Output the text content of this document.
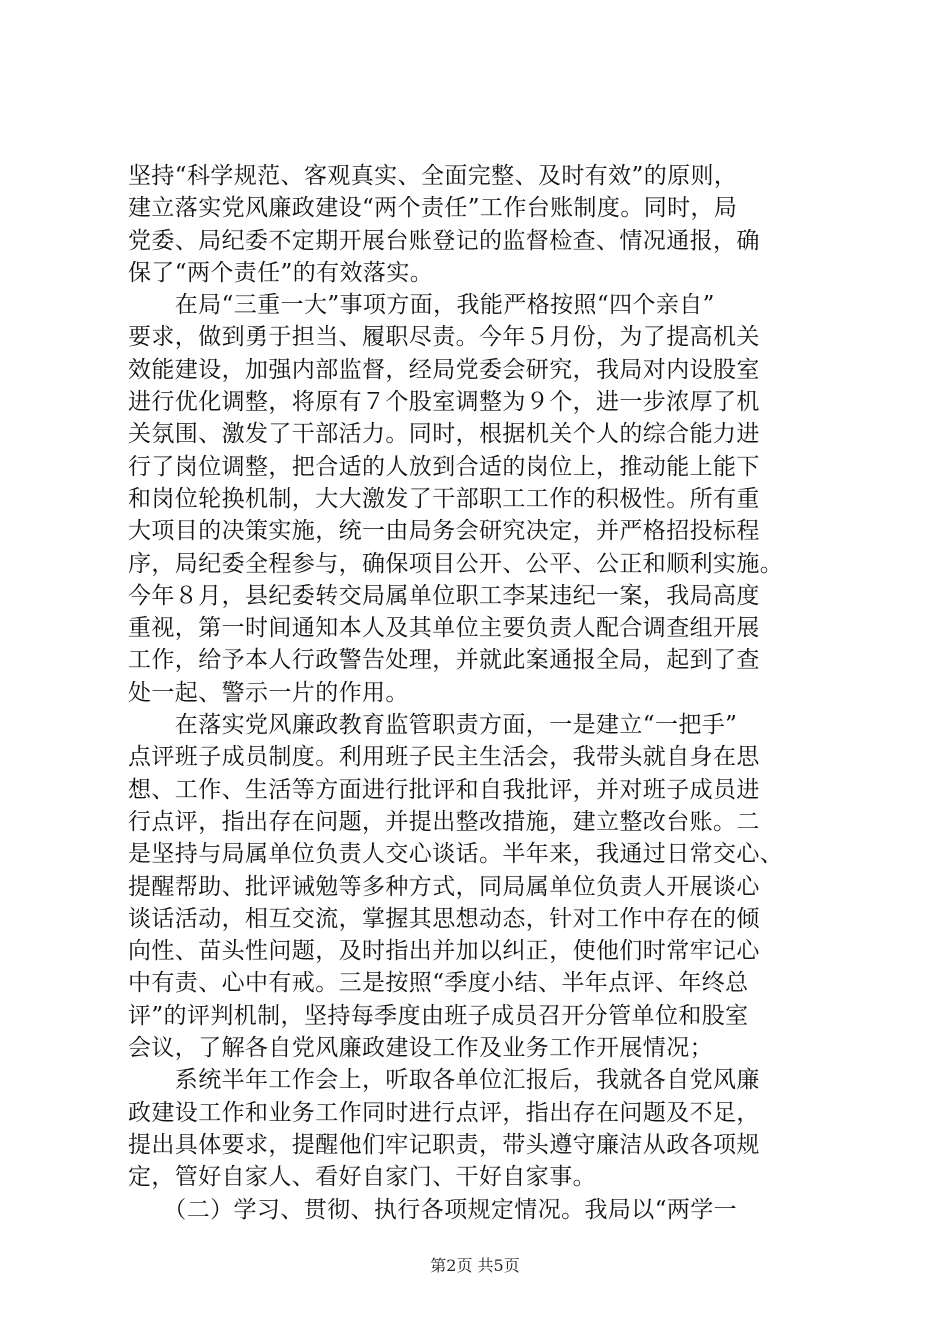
坚持“科学规范、客观真实、全面完整、及时有效”的原则，
建立落实党风廉政建设“两个责任”工作台账制度。同时，局
党委、局纪委不定期开展台账登记的监督检查、情况通报，确
保了“两个责任”的有效落实。
　　在局“三重一大”事项方面，我能严格按照“四个亲自”
要求，做到勇于担当、履职尽责。今年５月份，为了提高机关
效能建设，加强内部监督，经局党委会研究，我局对内设股室
进行优化调整，将原有７个股室调整为９个，进一步浓厚了机
关氛围、激发了干部活力。同时，根据机关个人的综合能力进
行了岗位调整，把合适的人放到合适的岗位上，推动能上能下
和岗位轮换机制，大大激发了干部职工工作的积极性。所有重
大项目的决策实施，统一由局务会研究决定，并严格招投标程
序，局纪委全程参与，确保项目公开、公平、公正和顺利实施。
今年８月，县纪委转交局属单位职工李某违纪一案，我局高度
重视，第一时间通知本人及其单位主要负责人配合调查组开展
工作，给予本人行政警告处理，并就此案通报全局，起到了查
处一起、警示一片的作用。
　　在落实党风廉政教育监管职责方面，一是建立“一把手”
点评班子成员制度。利用班子民主生活会，我带头就自身在思
想、工作、生活等方面进行批评和自我批评，并对班子成员进
行点评，指出存在问题，并提出整改措施，建立整改台账。二
是坚持与局属单位负责人交心谈话。半年来，我通过日常交心、
提醒帮助、批评诫勉等多种方式，同局属单位负责人开展谈心
谈话活动，相互交流，掌握其思想动态，针对工作中存在的倾
向性、苗头性问题，及时指出并加以纠正，使他们时常牢记心
中有责、心中有戒。三是按照“季度小结、半年点评、年终总
评”的评判机制，坚持每季度由班子成员召开分管单位和股室
会议，了解各自党风廉政建设工作及业务工作开展情况；
　　系统半年工作会上，听取各单位汇报后，我就各自党风廉
政建设工作和业务工作同时进行点评，指出存在问题及不足，
提出具体要求，提醒他们牢记职责，带头遵守廉洁从政各项规
定，管好自家人、看好自家门、干好自家事。
　　（二）学习、贯彻、执行各项规定情况。我局以“两学一
第2页 共5页
